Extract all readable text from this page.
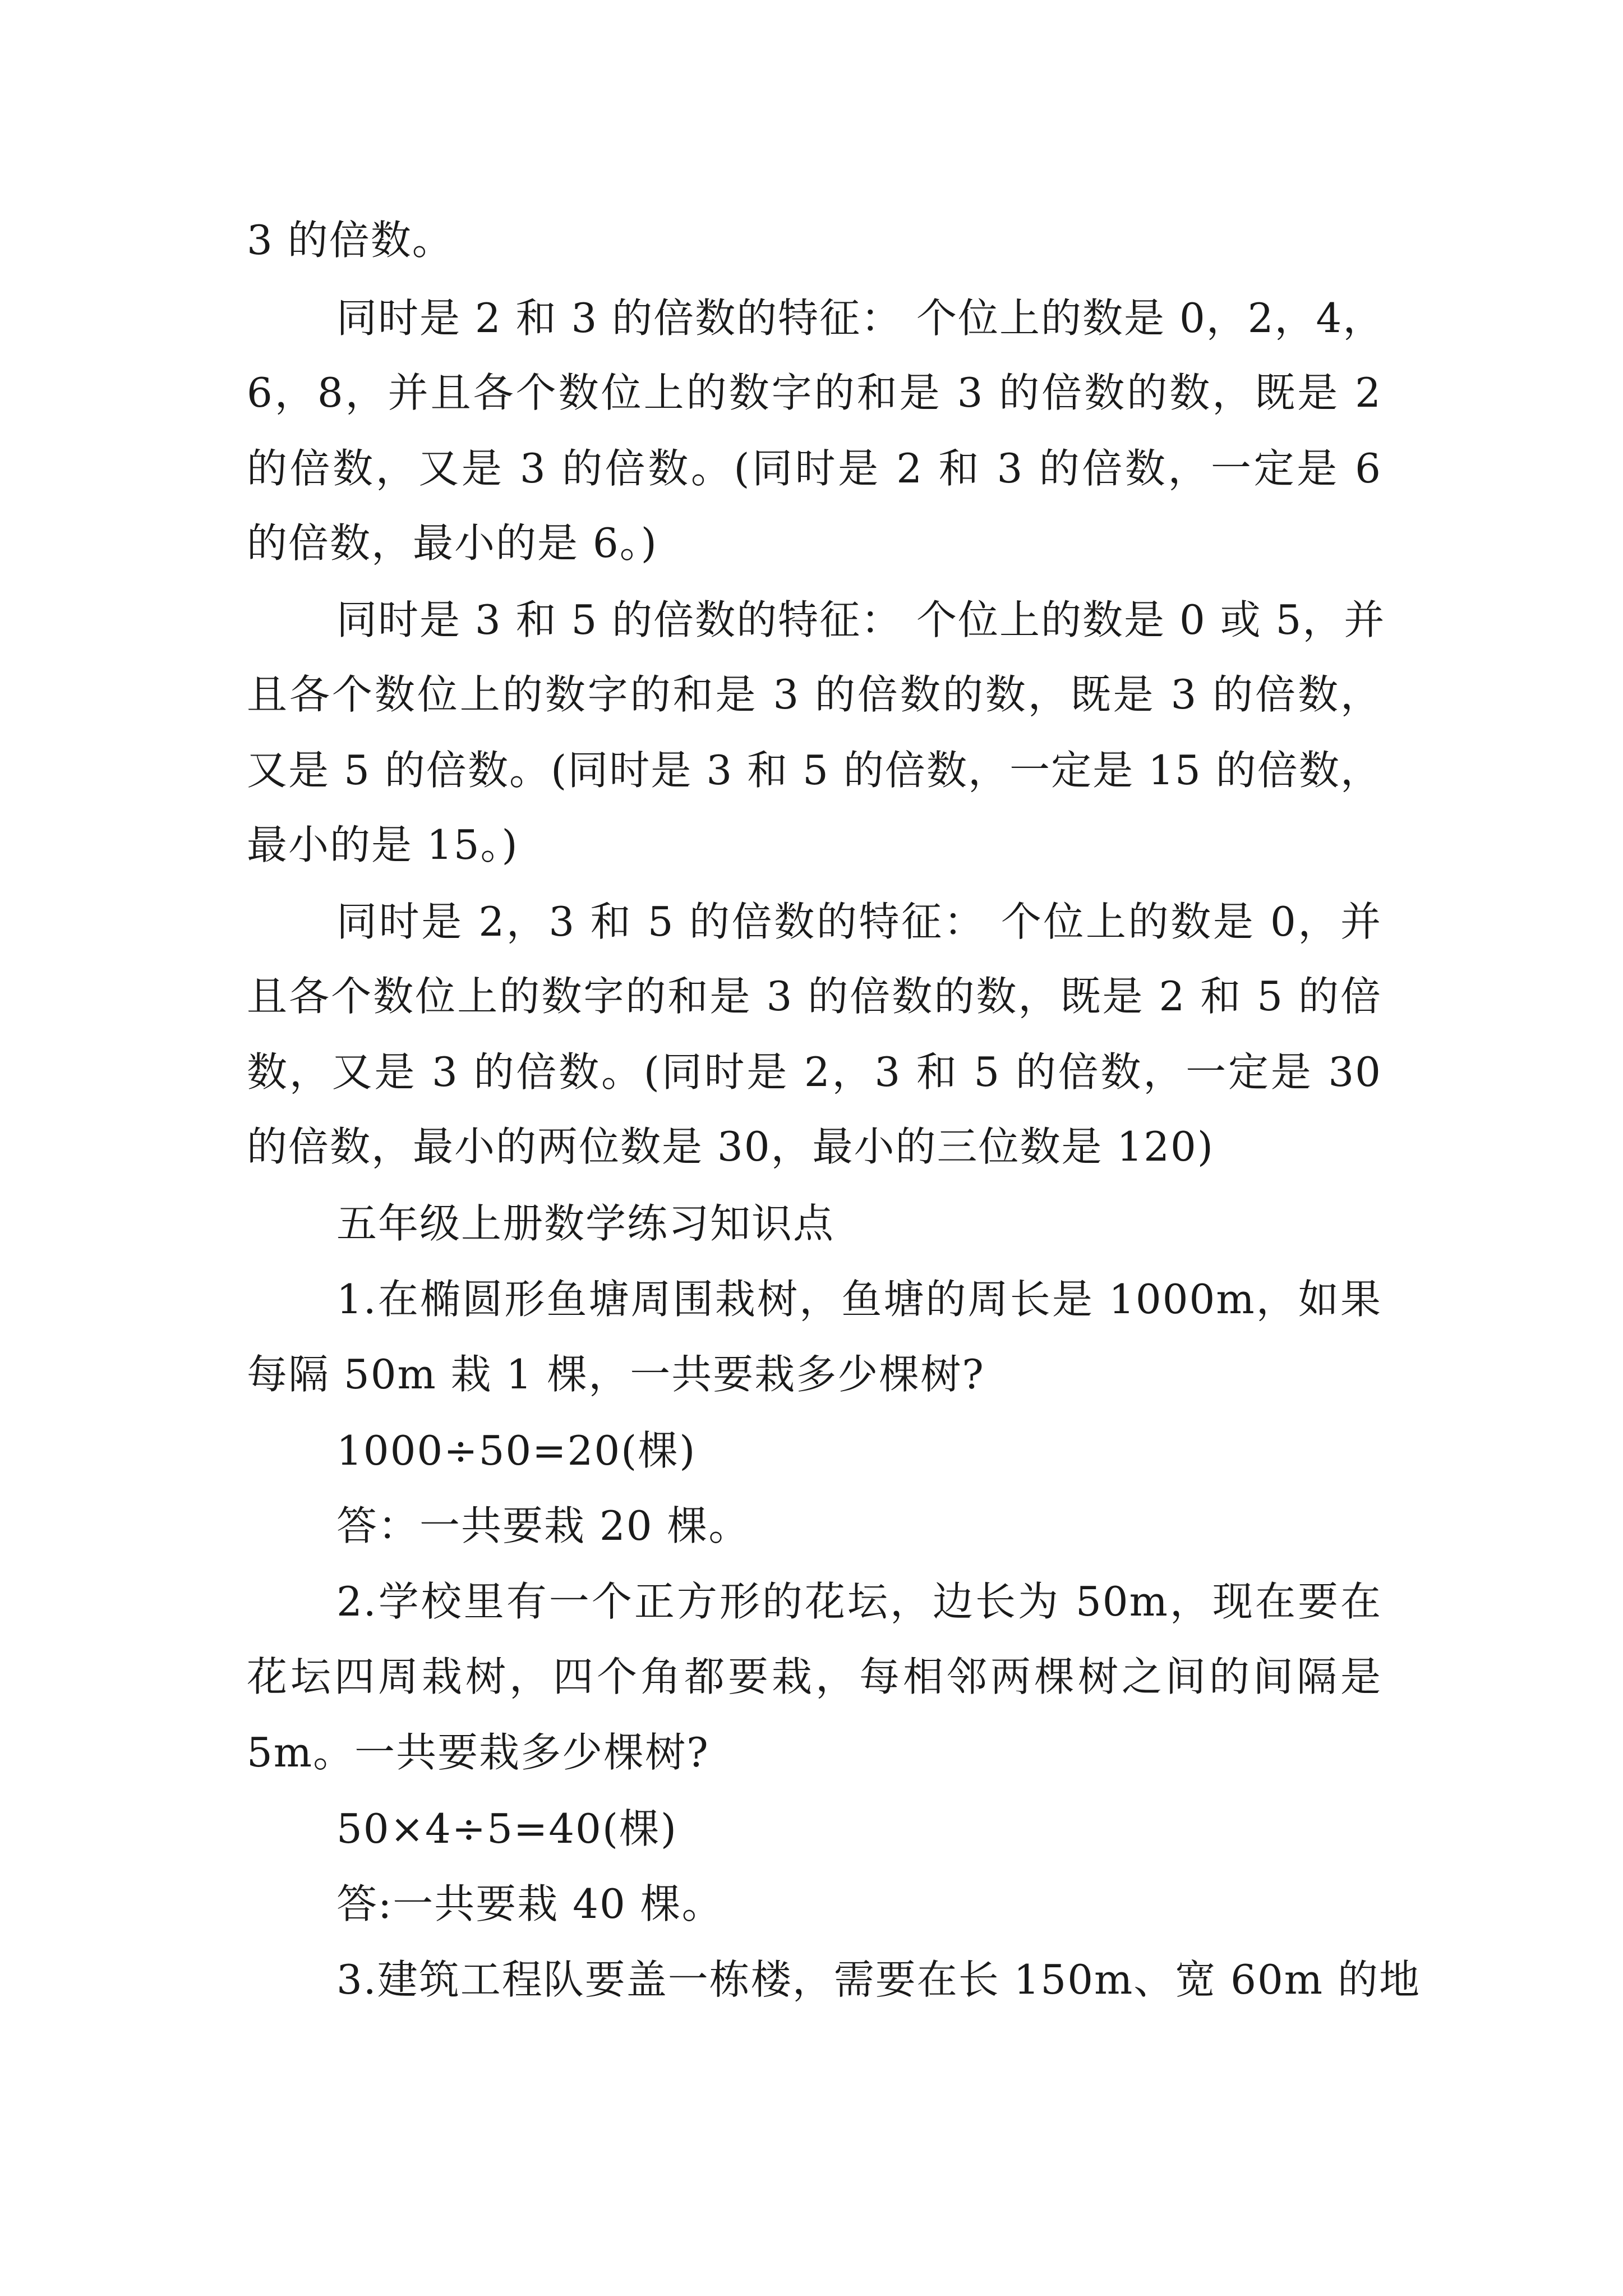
3 的倍数。
同时是 2 和 3 的倍数的特征： 个位上的数是 0，2，4，
6，8，并且各个数位上的数字的和是 3 的倍数的数，既是 2
的倍数，又是 3 的倍数。(同时是 2 和 3 的倍数，一定是 6
的倍数，最小的是 6。)
同时是 3 和 5 的倍数的特征： 个位上的数是 0 或 5，并
且各个数位上的数字的和是 3 的倍数的数，既是 3 的倍数，
又是 5 的倍数。(同时是 3 和 5 的倍数，一定是 15 的倍数，
最小的是 15。)
同时是 2，3 和 5 的倍数的特征： 个位上的数是 0，并
且各个数位上的数字的和是 3 的倍数的数，既是 2 和 5 的倍
数，又是 3 的倍数。(同时是 2，3 和 5 的倍数，一定是 30
的倍数，最小的两位数是 30，最小的三位数是 120)
五年级上册数学练习知识点
1.在椭圆形鱼塘周围栽树，鱼塘的周长是 1000m，如果
每隔 50m 栽 1 棵，一共要栽多少棵树?
1000÷50=20(棵)
答：一共要栽 20 棵。
2.学校里有一个正方形的花坛，边长为 50m，现在要在
花坛四周栽树，四个角都要栽，每相邻两棵树之间的间隔是
5m。一共要栽多少棵树?
50×4÷5=40(棵)
答:一共要栽 40 棵。
3.建筑工程队要盖一栋楼，需要在长 150m、宽 60m 的地
